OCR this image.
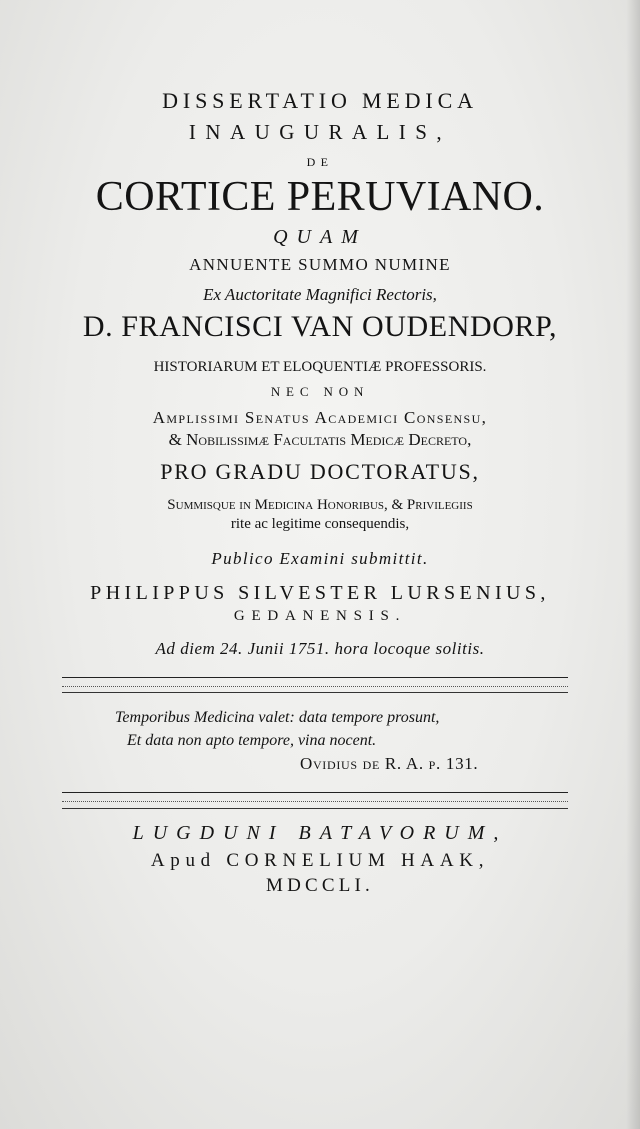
DISSERTATIO MEDICA
INAUGURALIS,
DE
CORTICE PERUVIANO.
QUAM
ANNUENTE SUMMO NUMINE
Ex Auctoritate Magnifici Rectoris,
D. FRANCISCI VAN OUDENDORP,
HISTORIARUM ET ELOQUENTIÆ PROFESSORIS.
NEC NON
Amplissimi Senatus Academici Consensu,
& Nobilissimæ Facultatis Medicæ Decreto,
PRO GRADU DOCTORATUS,
Summisque in Medicina Honoribus, & Privilegiis
rite ac legitime consequendis,
Publico Examini submittit.
PHILIPPUS SILVESTER LURSENIUS,
GEDANENSIS.
Ad diem 24. Junii 1751. hora locoque solitis.
Temporibus Medicina valet: data tempore prosunt,
Et data non apto tempore, vina nocent.
Ovidius de R. A. p. 131.
LUGDUNI BATAVORUM,
Apud CORNELIUM HAAK,
MDCCLI.
